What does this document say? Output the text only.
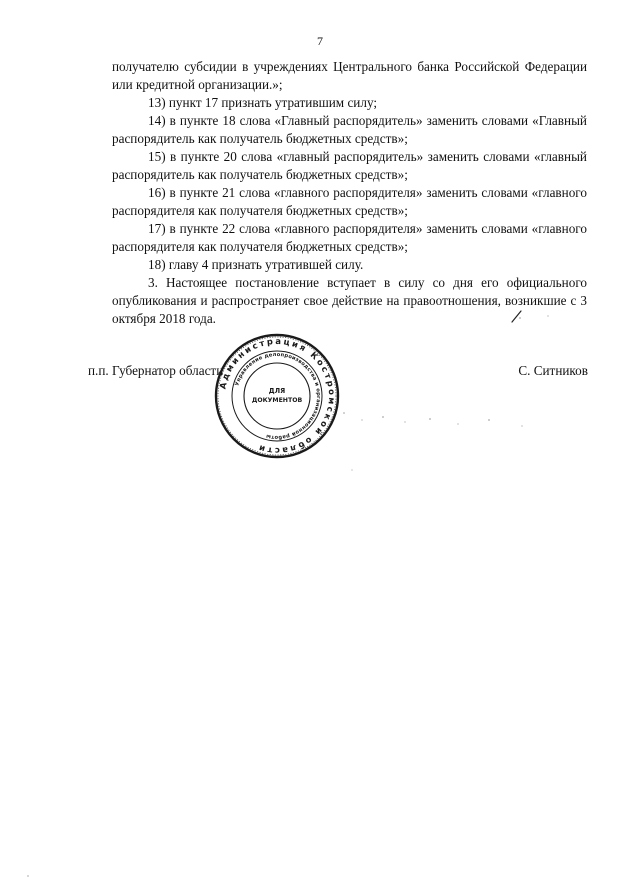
7

получателю субсидии в учреждениях Центрального банка Российской Федерации или кредитной организации.»;

13) пункт 17 признать утратившим силу;

14) в пункте 18 слова «Главный распорядитель» заменить словами «Главный распорядитель как получатель бюджетных средств»;

15) в пункте 20 слова «главный распорядитель» заменить словами «главный распорядитель как получатель бюджетных средств»;

16) в пункте 21 слова «главного распорядителя» заменить словами «главного распорядителя как получателя бюджетных средств»;

17) в пункте 22 слова «главного распорядителя» заменить словами «главного распорядителя как получателя бюджетных средств»;

18) главу 4 признать утратившей силу.

3. Настоящее постановление вступает в силу со дня его официального опубликования и распространяет свое действие на правоотношения, возникшие с 3 октября 2018 года.

п.п. Губернатор области	С. Ситников
Администрация Костромской области
Управление делопроизводства и организационной работы
ДЛЯ
ДОКУМЕНТОВ
